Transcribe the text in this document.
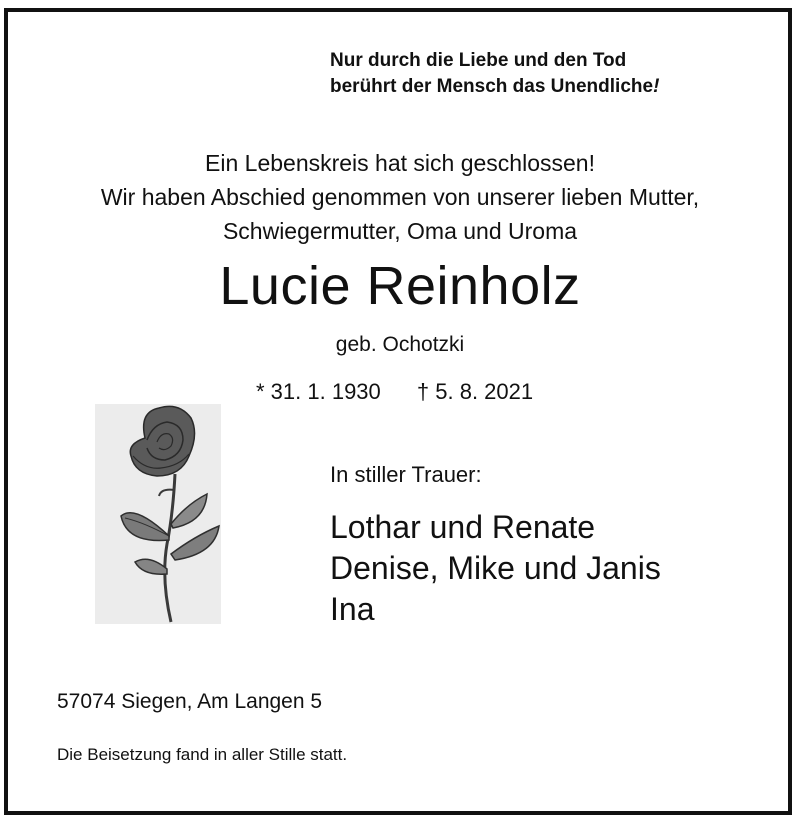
Nur durch die Liebe und den Tod
berührt der Mensch das Unendliche!
Ein Lebenskreis hat sich geschlossen!
Wir haben Abschied genommen von unserer lieben Mutter,
Schwiegermutter, Oma und Uroma
Lucie Reinholz
geb. Ochotzki
* 31. 1. 1930 † 5. 8. 2021
In stiller Trauer:
Lothar und Renate
Denise, Mike und Janis
Ina
57074 Siegen, Am Langen 5
Die Beisetzung fand in aller Stille statt.
